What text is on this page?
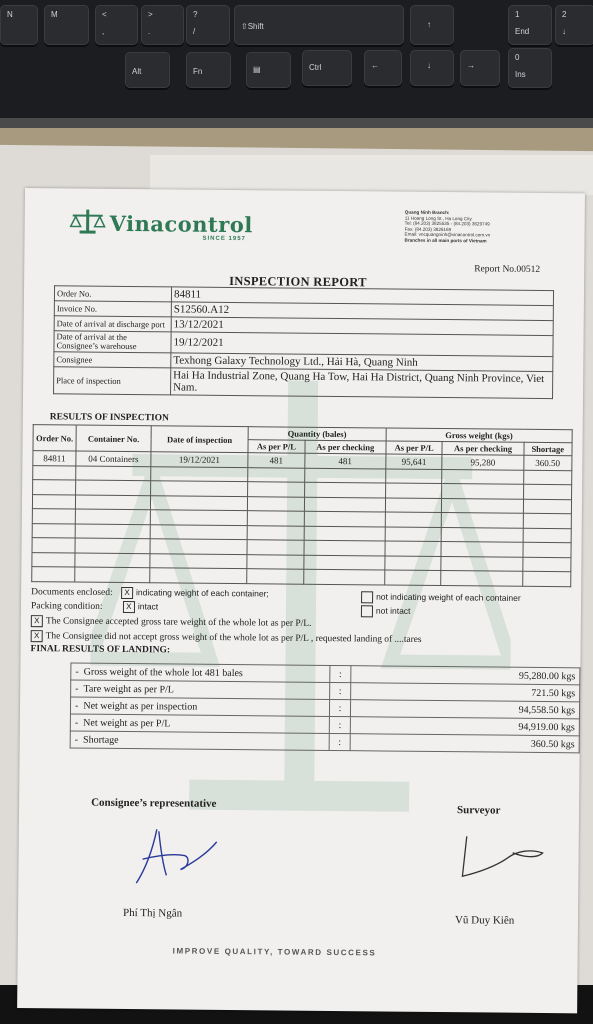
N	M	<
,
>
.
?
/
⇧Shift	↑
1
End
2
↓
Alt	Fn	▤	Ctrl	←	↓	→
0
Ins
Vinacontrol
SINCE 1957
Quang Ninh Branch:
11 Hoang Long St., Ha Long City
Tel: (84.203) 3825535 - (84.203) 3629749
Fax: (84.203) 3826169
Email: vncquangninh@vinacontrol.com.vn
Branches in all main ports of Vietnam
Report No.00512
INSPECTION REPORT
Order No.	84811
Invoice No.	S12560.A12
Date of arrival at discharge port	13/12/2021
Date of arrival at the Consignee’s warehouse	19/12/2021
Consignee	Texhong Galaxy Technology Ltd., Hải Hà, Quang Ninh
Place of inspection	Hai Ha Industrial Zone, Quang Ha Tow, Hai Ha District, Quang Ninh Province, Viet Nam.
RESULTS OF INSPECTION
Order No.	Container No.	Date of inspection	Quantity (bales)		Gross weight (kgs)		
			As per P/L	As per checking	As per P/L	As per checking	Shortage
84811	04 Containers	19/12/2021	481	481	95,641	95,280	360.50

Documents enclosed: X indicating weight of each container;	not indicating weight of each container
Packing condition:	X intact	not intact
X The Consignee accepted gross tare weight of the whole lot as per P/L.
X The Consignee did not accept gross weight of the whole lot as per P/L , requested landing of ....tares
FINAL RESULTS OF LANDING:
- Gross weight of the whole lot 481 bales	:	95,280.00 kgs
- Tare weight as per P/L	:	721.50 kgs
- Net weight as per inspection	:	94,558.50 kgs
- Net weight as per P/L	:	94,919.00 kgs
- Shortage	:	360.50 kgs
Consignee’s representative
Surveyor
Phí Thị Ngân
Vũ Duy Kiên
IMPROVE QUALITY, TOWARD SUCCESS
